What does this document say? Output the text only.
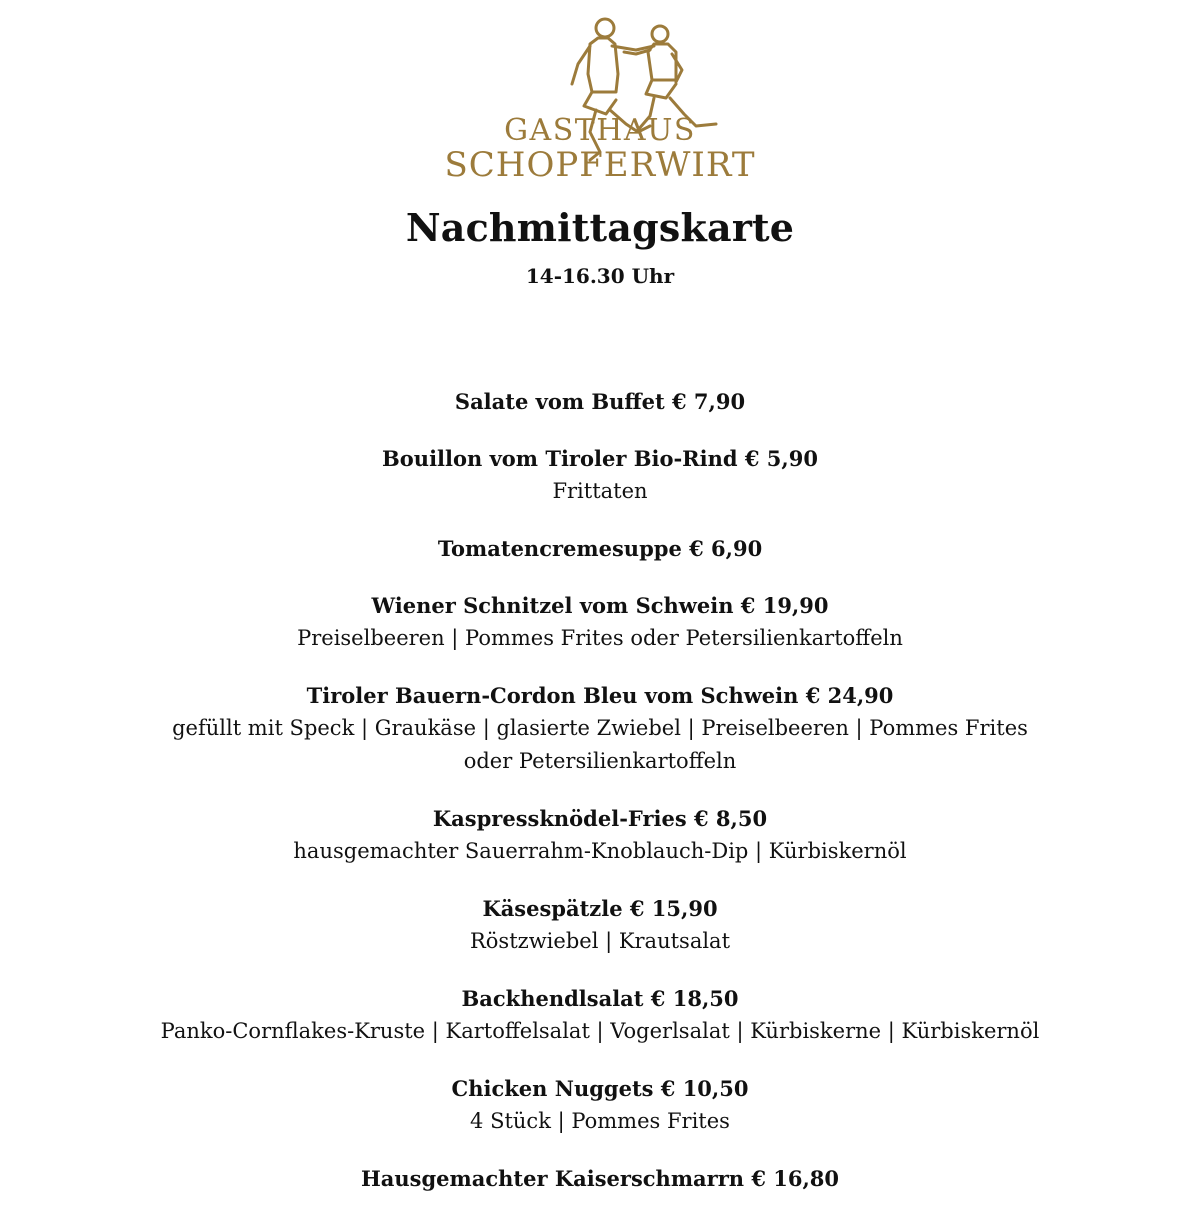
GASTHAUS
SCHOPFERWIRT
Nachmittagskarte
14-16.30 Uhr
Salate vom Buffet € 7,90
Bouillon vom Tiroler Bio-Rind € 5,90
Frittaten
Tomatencremesuppe € 6,90
Wiener Schnitzel vom Schwein € 19,90
Preiselbeeren | Pommes Frites oder Petersilienkartoffeln
Tiroler Bauern-Cordon Bleu vom Schwein € 24,90
gefüllt mit Speck | Graukäse | glasierte Zwiebel | Preiselbeeren | Pommes Frites oder Petersilienkartoffeln
Kaspressknödel-Fries € 8,50
hausgemachter Sauerrahm-Knoblauch-Dip | Kürbiskernöl
Käsespätzle € 15,90
Röstzwiebel | Krautsalat
Backhendlsalat € 18,50
Panko-Cornflakes-Kruste | Kartoffelsalat | Vogerlsalat | Kürbiskerne | Kürbiskernöl
Chicken Nuggets € 10,50
4 Stück | Pommes Frites
Hausgemachter Kaiserschmarrn € 16,80
